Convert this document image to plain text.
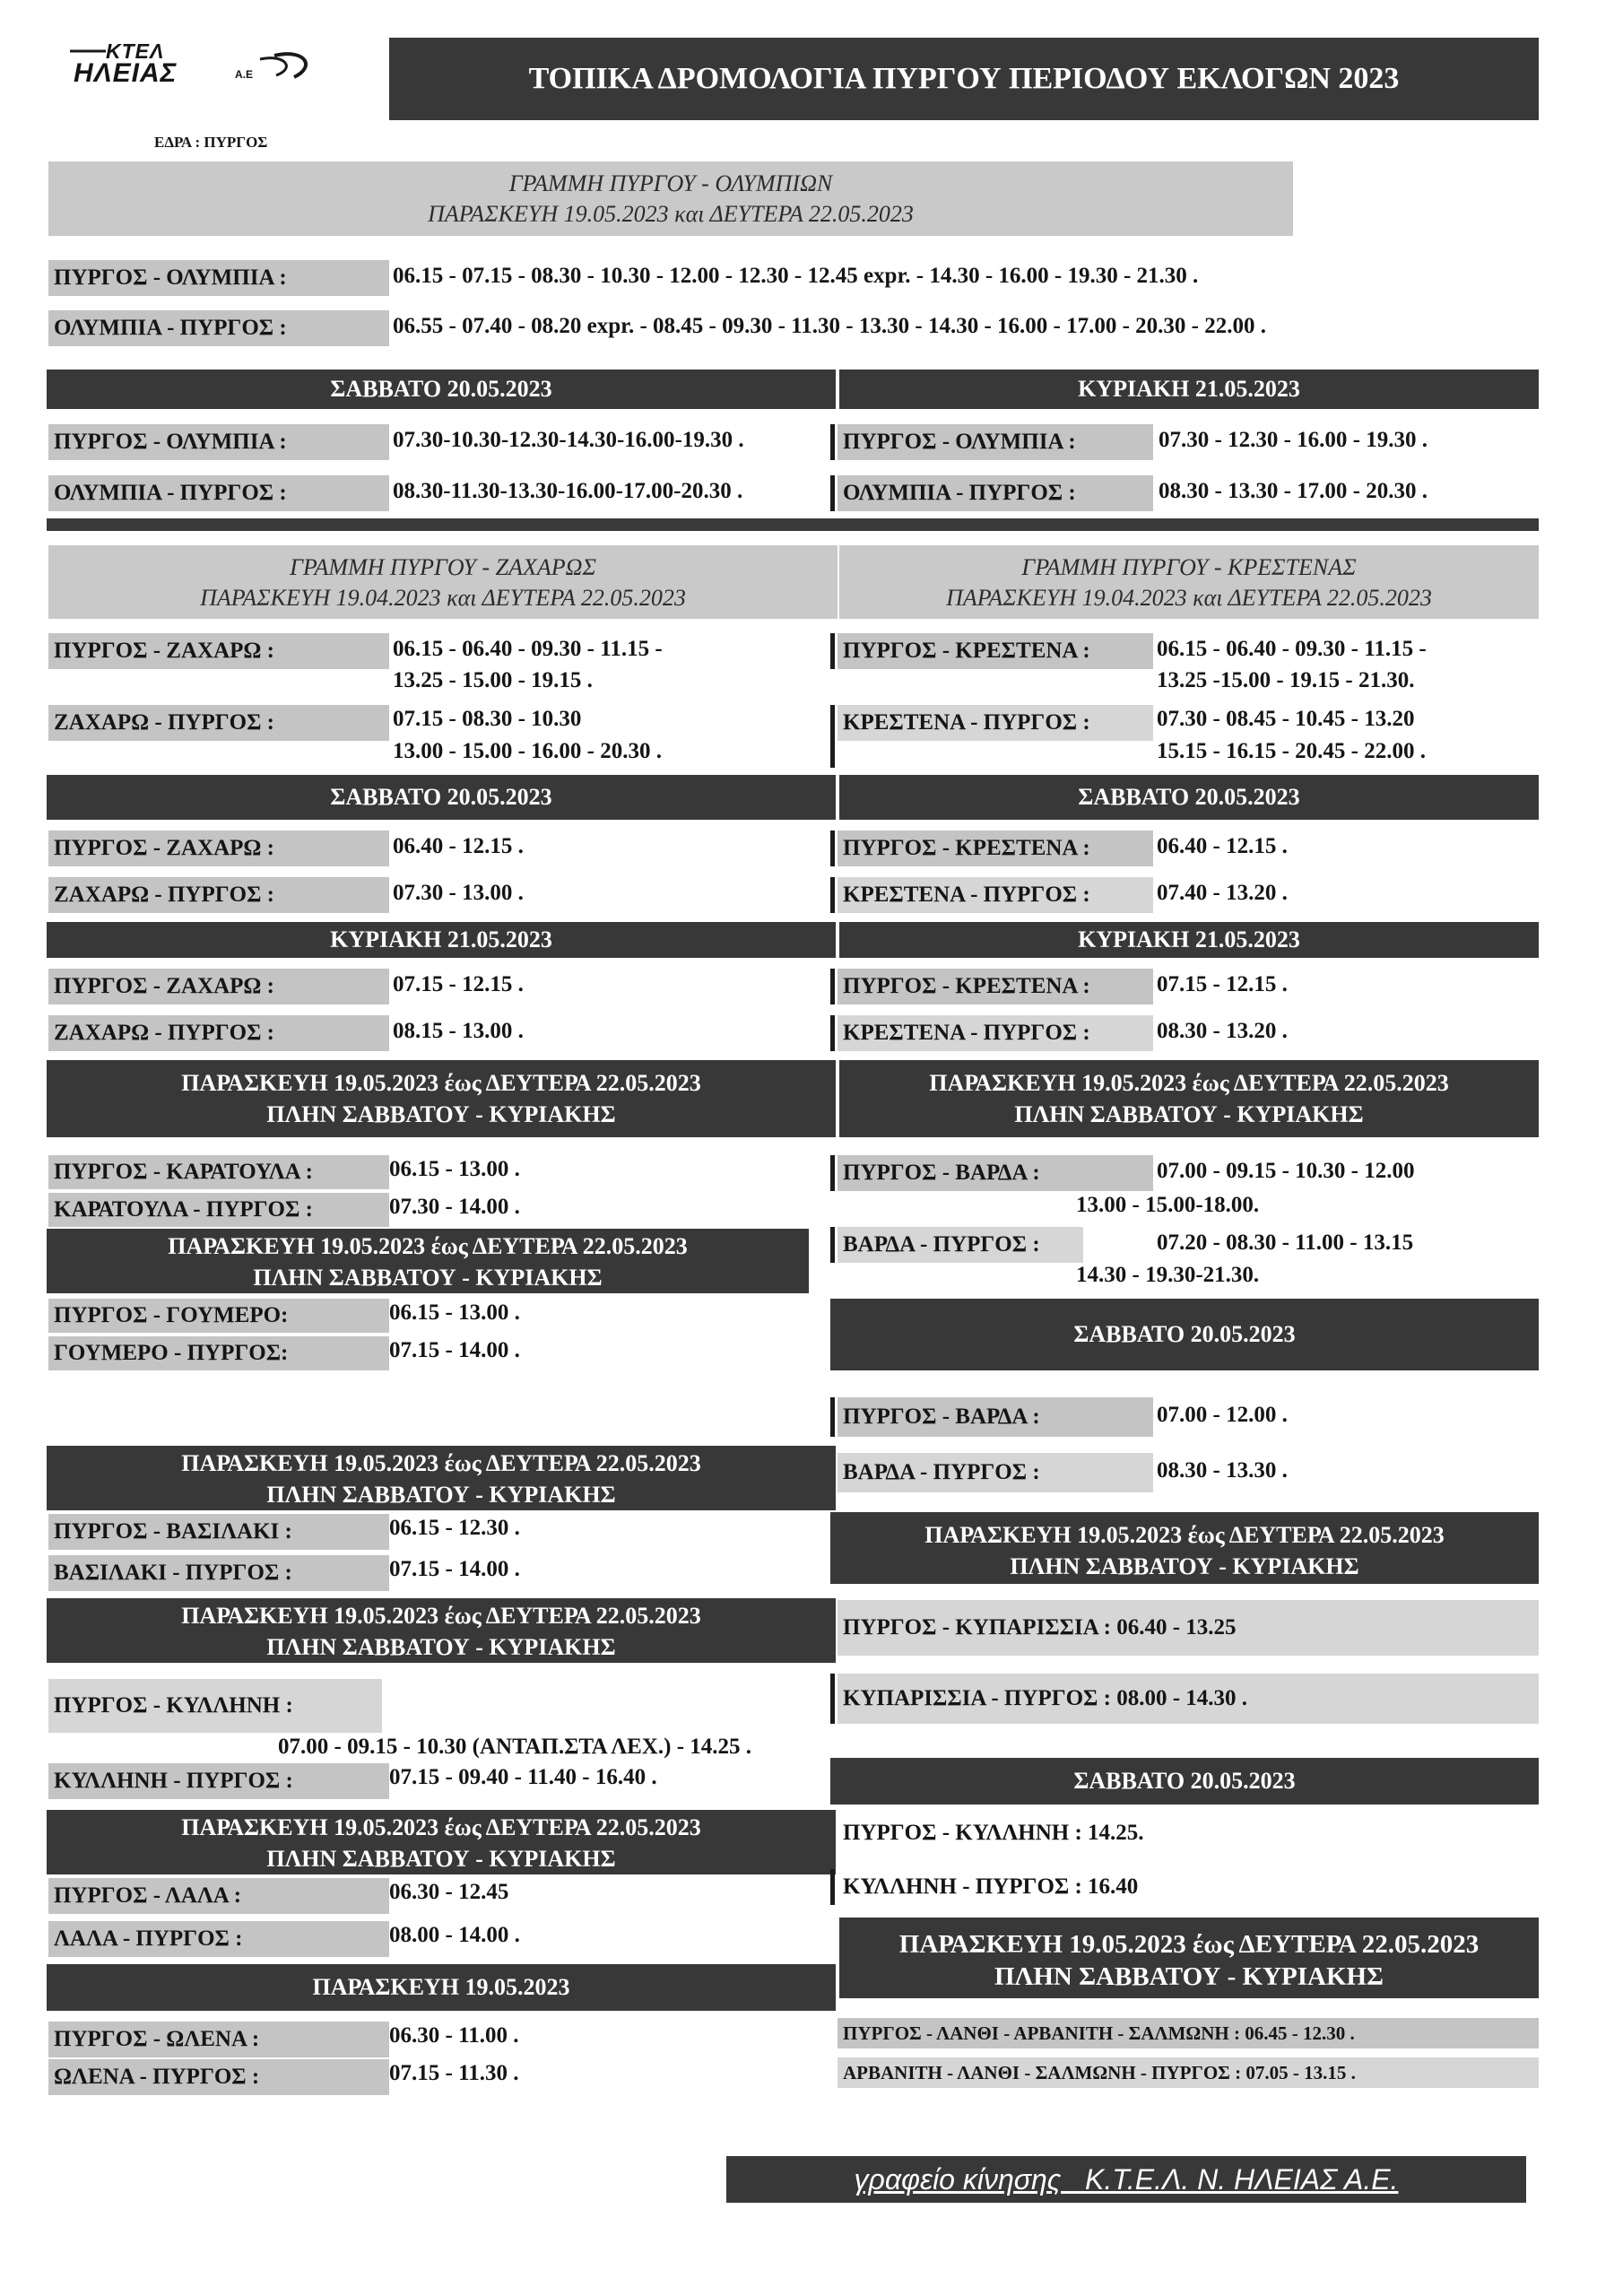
ΚΤΕΛ
ΗΛΕΙΑΣ	Α.Ε	ΤΟΠΙΚΑ ΔΡΟΜΟΛΟΓΙΑ ΠΥΡΓΟΥ ΠΕΡΙΟΔΟΥ ΕΚΛΟΓΩΝ 2023
ΕΔΡΑ : ΠΥΡΓΟΣ
ΓΡΑΜΜΗ ΠΥΡΓΟΥ - ΟΛΥΜΠΙΩΝ
ΠΑΡΑΣΚΕΥΗ 19.05.2023 και ΔΕΥΤΕΡΑ 22.05.2023
ΠΥΡΓΟΣ - ΟΛΥΜΠΙΑ :	06.15 - 07.15 - 08.30 - 10.30 - 12.00 - 12.30 - 12.45 expr. - 14.30 - 16.00 - 19.30 - 21.30 .
ΟΛΥΜΠΙΑ - ΠΥΡΓΟΣ :	06.55 - 07.40 - 08.20 expr. - 08.45 - 09.30 - 11.30 - 13.30 - 14.30 - 16.00 - 17.00 - 20.30 - 22.00 .
ΣΑΒΒΑΤΟ 20.05.2023	ΚΥΡΙΑΚΗ 21.05.2023
ΠΥΡΓΟΣ - ΟΛΥΜΠΙΑ :	07.30-10.30-12.30-14.30-16.00-19.30 .
ΟΛΥΜΠΙΑ - ΠΥΡΓΟΣ :	08.30-11.30-13.30-16.00-17.00-20.30 .
ΠΥΡΓΟΣ - ΟΛΥΜΠΙΑ :	07.30 - 12.30 - 16.00 - 19.30 .
ΟΛΥΜΠΙΑ - ΠΥΡΓΟΣ :	08.30 - 13.30 - 17.00 - 20.30 .
ΓΡΑΜΜΗ ΠΥΡΓΟΥ - ΖΑΧΑΡΩΣ
ΠΑΡΑΣΚΕΥΗ 19.04.2023 και ΔΕΥΤΕΡΑ 22.05.2023
ΠΥΡΓΟΣ - ΖΑΧΑΡΩ :	06.15 - 06.40 - 09.30 - 11.15 -
13.25 - 15.00 - 19.15 .
ΖΑΧΑΡΩ - ΠΥΡΓΟΣ :	07.15 - 08.30 - 10.30
13.00 - 15.00 - 16.00 - 20.30 .
ΣΑΒΒΑΤΟ 20.05.2023
ΠΥΡΓΟΣ - ΖΑΧΑΡΩ :	06.40 - 12.15 .
ΖΑΧΑΡΩ - ΠΥΡΓΟΣ :	07.30 - 13.00 .
ΚΥΡΙΑΚΗ 21.05.2023
ΠΥΡΓΟΣ - ΖΑΧΑΡΩ :	07.15 - 12.15 .
ΖΑΧΑΡΩ - ΠΥΡΓΟΣ :	08.15 - 13.00 .
ΓΡΑΜΜΗ ΠΥΡΓΟΥ - ΚΡΕΣΤΕΝΑΣ
ΠΑΡΑΣΚΕΥΗ 19.04.2023 και ΔΕΥΤΕΡΑ 22.05.2023
ΠΥΡΓΟΣ - ΚΡΕΣΤΕΝΑ :	06.15 - 06.40 - 09.30 - 11.15 -
13.25 -15.00 - 19.15 - 21.30.
ΚΡΕΣΤΕΝΑ - ΠΥΡΓΟΣ :	07.30 - 08.45 - 10.45 - 13.20
15.15 - 16.15 - 20.45 - 22.00 .
ΣΑΒΒΑΤΟ 20.05.2023
ΠΥΡΓΟΣ - ΚΡΕΣΤΕΝΑ :	06.40 - 12.15 .
ΚΡΕΣΤΕΝΑ - ΠΥΡΓΟΣ :	07.40 - 13.20 .
ΚΥΡΙΑΚΗ 21.05.2023
ΠΥΡΓΟΣ - ΚΡΕΣΤΕΝΑ :	07.15 - 12.15 .
ΚΡΕΣΤΕΝΑ - ΠΥΡΓΟΣ :	08.30 - 13.20 .
ΠΑΡΑΣΚΕΥΗ 19.05.2023 έως ΔΕΥΤΕΡΑ 22.05.2023
ΠΛΗΝ ΣΑΒΒΑΤΟΥ - ΚΥΡΙΑΚΗΣ
ΠΥΡΓΟΣ - ΚΑΡΑΤΟΥΛΑ :	06.15 - 13.00 .
ΚΑΡΑΤΟΥΛΑ - ΠΥΡΓΟΣ :	07.30 - 14.00 .
ΠΑΡΑΣΚΕΥΗ 19.05.2023 έως ΔΕΥΤΕΡΑ 22.05.2023
ΠΛΗΝ ΣΑΒΒΑΤΟΥ - ΚΥΡΙΑΚΗΣ
ΠΥΡΓΟΣ - ΓΟΥΜΕΡΟ:	06.15 - 13.00 .
ΓΟΥΜΕΡΟ - ΠΥΡΓΟΣ:	07.15 - 14.00 .
ΠΑΡΑΣΚΕΥΗ 19.05.2023 έως ΔΕΥΤΕΡΑ 22.05.2023
ΠΛΗΝ ΣΑΒΒΑΤΟΥ - ΚΥΡΙΑΚΗΣ
ΠΥΡΓΟΣ - ΒΑΣΙΛΑΚΙ :	06.15 - 12.30 .
ΒΑΣΙΛΑΚΙ - ΠΥΡΓΟΣ :	07.15 - 14.00 .
ΠΑΡΑΣΚΕΥΗ 19.05.2023 έως ΔΕΥΤΕΡΑ 22.05.2023
ΠΛΗΝ ΣΑΒΒΑΤΟΥ - ΚΥΡΙΑΚΗΣ
ΠΥΡΓΟΣ - ΚΥΛΛΗΝΗ :
07.00 - 09.15 - 10.30 (ΑΝΤΑΠ.ΣΤΑ ΛΕΧ.) - 14.25 .
ΚΥΛΛΗΝΗ - ΠΥΡΓΟΣ :	07.15 - 09.40 - 11.40 - 16.40 .
ΠΑΡΑΣΚΕΥΗ 19.05.2023 έως ΔΕΥΤΕΡΑ 22.05.2023
ΠΛΗΝ ΣΑΒΒΑΤΟΥ - ΚΥΡΙΑΚΗΣ
ΠΥΡΓΟΣ - ΛΑΛΑ :	06.30 - 12.45
ΛΑΛΑ - ΠΥΡΓΟΣ :	08.00 - 14.00 .
ΠΑΡΑΣΚΕΥΗ 19.05.2023
ΠΥΡΓΟΣ - ΩΛΕΝΑ :	06.30 - 11.00 .
ΩΛΕΝΑ - ΠΥΡΓΟΣ :	07.15 - 11.30 .
ΠΑΡΑΣΚΕΥΗ 19.05.2023 έως ΔΕΥΤΕΡΑ 22.05.2023
ΠΛΗΝ ΣΑΒΒΑΤΟΥ - ΚΥΡΙΑΚΗΣ
ΠΥΡΓΟΣ - ΒΑΡΔΑ :	07.00 - 09.15 - 10.30 - 12.00
13.00 - 15.00-18.00.
ΒΑΡΔΑ - ΠΥΡΓΟΣ :	07.20 - 08.30 - 11.00 - 13.15
14.30 - 19.30-21.30.
ΣΑΒΒΑΤΟ 20.05.2023
ΠΥΡΓΟΣ - ΒΑΡΔΑ :	07.00 - 12.00 .
ΒΑΡΔΑ - ΠΥΡΓΟΣ :	08.30 - 13.30 .
ΠΑΡΑΣΚΕΥΗ 19.05.2023 έως ΔΕΥΤΕΡΑ 22.05.2023
ΠΛΗΝ ΣΑΒΒΑΤΟΥ - ΚΥΡΙΑΚΗΣ
ΠΥΡΓΟΣ - ΚΥΠΑΡΙΣΣΙΑ : 06.40 - 13.25
ΚΥΠΑΡΙΣΣΙΑ - ΠΥΡΓΟΣ : 08.00 - 14.30 .
ΣΑΒΒΑΤΟ 20.05.2023
ΠΥΡΓΟΣ - ΚΥΛΛΗΝΗ : 14.25.
ΚΥΛΛΗΝΗ - ΠΥΡΓΟΣ : 16.40
ΠΑΡΑΣΚΕΥΗ 19.05.2023 έως ΔΕΥΤΕΡΑ 22.05.2023
ΠΛΗΝ ΣΑΒΒΑΤΟΥ - ΚΥΡΙΑΚΗΣ
ΠΥΡΓΟΣ - ΛΑΝΘΙ - ΑΡΒΑΝΙΤΗ - ΣΑΛΜΩΝΗ : 06.45 - 12.30 .
ΑΡΒΑΝΙΤΗ - ΛΑΝΘΙ - ΣΑΛΜΩΝΗ - ΠΥΡΓΟΣ : 07.05 - 13.15 .
γραφείο κίνησης   Κ.Τ.Ε.Λ. Ν. ΗΛΕΙΑΣ Α.Ε.
